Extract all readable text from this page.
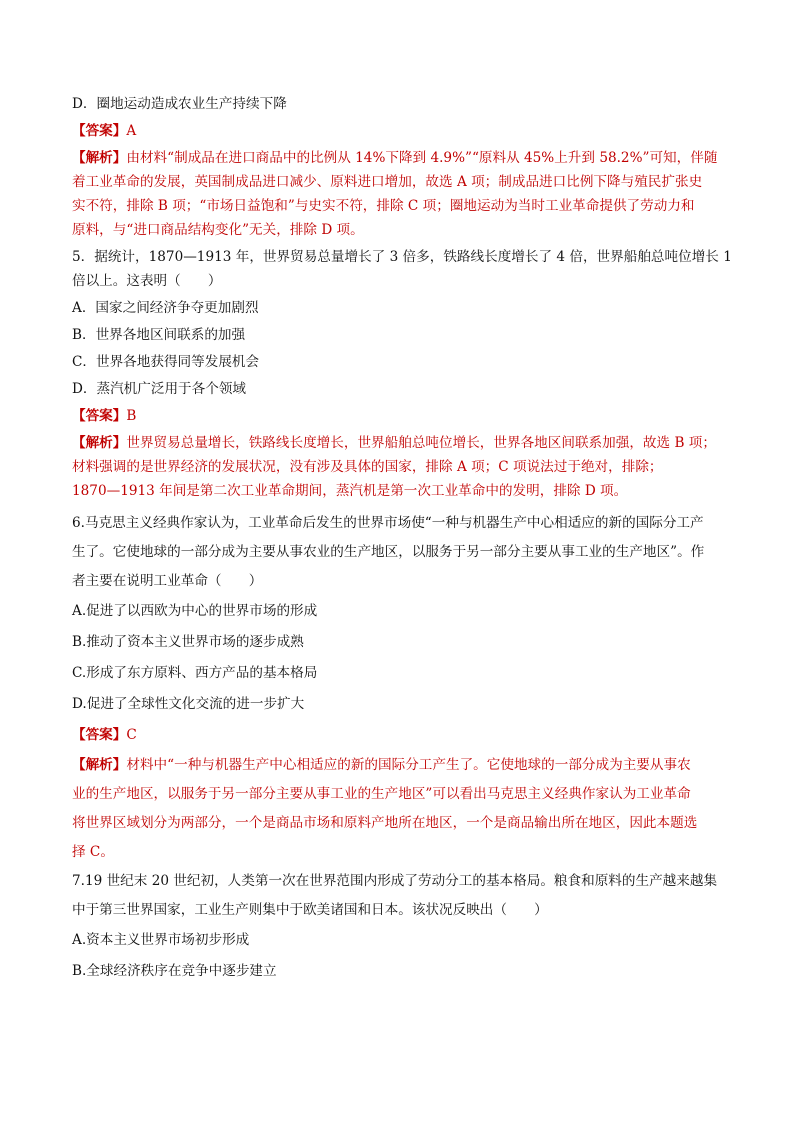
D．圈地运动造成农业生产持续下降
【答案】A
【解析】由材料“制成品在进口商品中的比例从 14%下降到 4.9%”“原料从 45%上升到 58.2%”可知，伴随
着工业革命的发展，英国制成品进口减少、原料进口增加，故选 A 项；制成品进口比例下降与殖民扩张史
实不符，排除 B 项；“市场日益饱和”与史实不符，排除 C 项；圈地运动为当时工业革命提供了劳动力和
原料，与“进口商品结构变化”无关，排除 D 项。
5．据统计，1870—1913 年，世界贸易总量增长了 3 倍多，铁路线长度增长了 4 倍，世界船舶总吨位增长 1
倍以上。这表明（　　）
A．国家之间经济争夺更加剧烈
B．世界各地区间联系的加强
C．世界各地获得同等发展机会
D．蒸汽机广泛用于各个领域
【答案】B
【解析】世界贸易总量增长，铁路线长度增长，世界船舶总吨位增长，世界各地区间联系加强，故选 B 项；
材料强调的是世界经济的发展状况，没有涉及具体的国家，排除 A 项；C 项说法过于绝对，排除；
1870—1913 年间是第二次工业革命期间，蒸汽机是第一次工业革命中的发明，排除 D 项。
6.马克思主义经典作家认为，工业革命后发生的世界市场使“一种与机器生产中心相适应的新的国际分工产
生了。它使地球的一部分成为主要从事农业的生产地区，以服务于另一部分主要从事工业的生产地区”。作
者主要在说明工业革命（　　）
A.促进了以西欧为中心的世界市场的形成
B.推动了资本主义世界市场的逐步成熟
C.形成了东方原料、西方产品的基本格局
D.促进了全球性文化交流的进一步扩大
【答案】C
【解析】材料中“一种与机器生产中心相适应的新的国际分工产生了。它使地球的一部分成为主要从事农
业的生产地区，以服务于另一部分主要从事工业的生产地区”可以看出马克思主义经典作家认为工业革命
将世界区域划分为两部分，一个是商品市场和原料产地所在地区，一个是商品输出所在地区，因此本题选
择 C。
7.19 世纪末 20 世纪初，人类第一次在世界范围内形成了劳动分工的基本格局。粮食和原料的生产越来越集
中于第三世界国家，工业生产则集中于欧美诸国和日本。该状况反映出（　　）
A.资本主义世界市场初步形成
B.全球经济秩序在竞争中逐步建立
